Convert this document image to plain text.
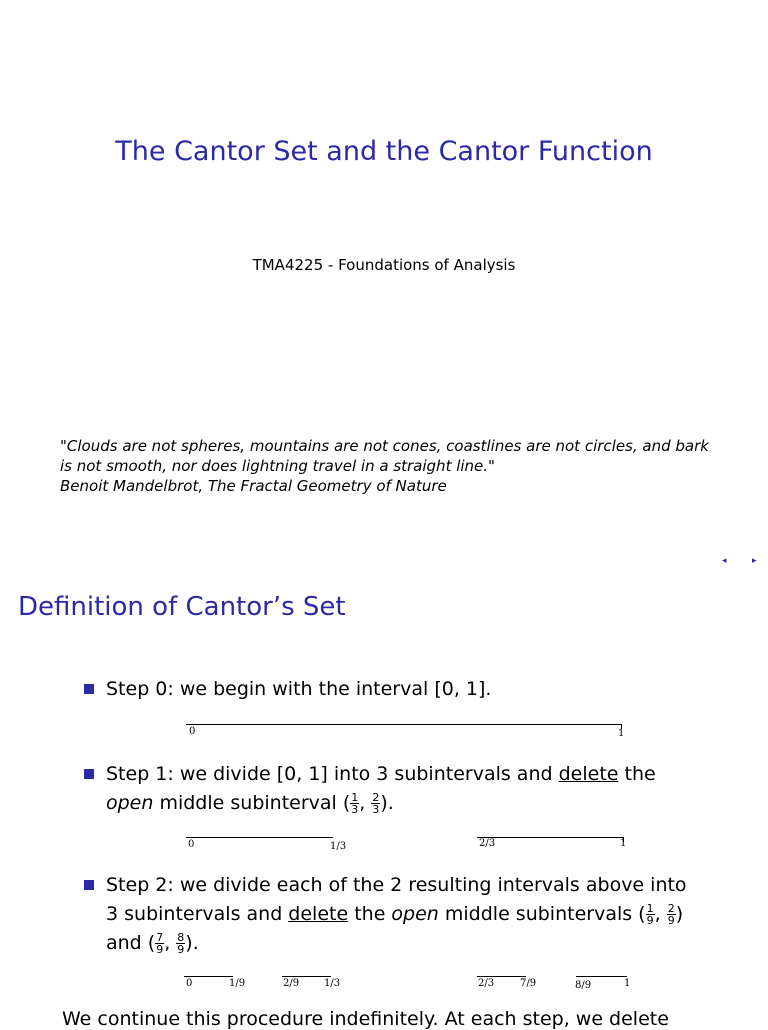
The Cantor Set and the Cantor Function
TMA4225 - Foundations of Analysis
"Clouds are not spheres, mountains are not cones, coastlines are not circles, and bark
is not smooth, nor does lightning travel in a straight line."
Benoit Mandelbrot, The Fractal Geometry of Nature
◂	▸
Definition of Cantor’s Set
Step 0: we begin with the interval [0, 1].
0	1
Step 1: we divide [0, 1] into 3 subintervals and delete the
open middle subinterval ( $\frac{1}{3}$ , $\frac{2}{3}$ ).
0	1/3	2/3	1
Step 2: we divide each of the 2 resulting intervals above into
3 subintervals and delete the open middle subintervals ( $\frac{1}{9}$ , $\frac{2}{9}$ )
and ( $\frac{7}{9}$ , $\frac{8}{9}$ ).
0	1/9	2/9 1/3	2/3	7/9	8/9	1
We continue this procedure indefinitely. At each step, we delete
